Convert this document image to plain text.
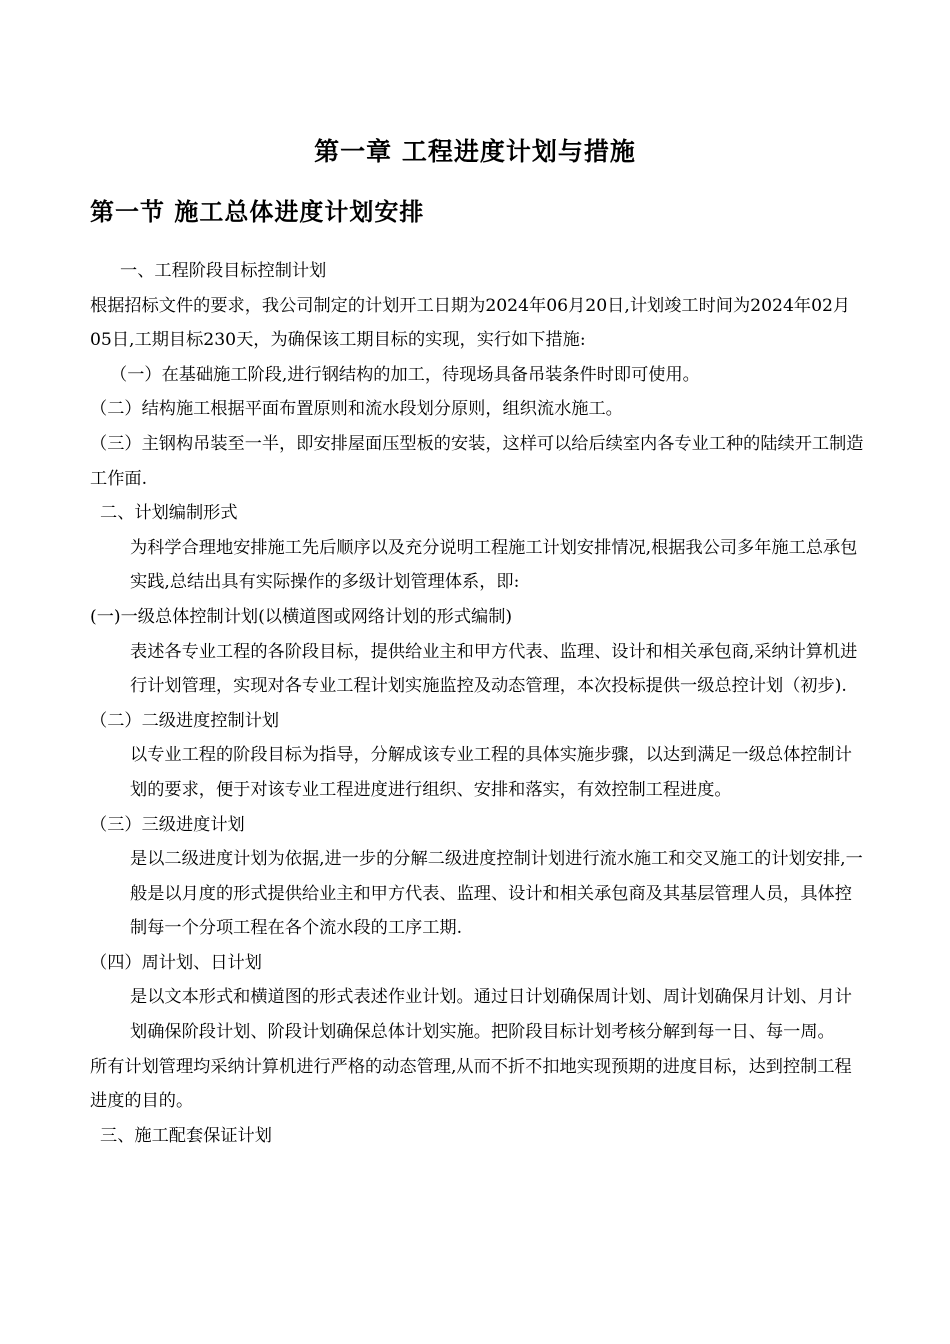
第一章 工程进度计划与措施
第一节 施工总体进度计划安排

一、工程阶段目标控制计划

根据招标文件的要求，我公司制定的计划开工日期为2024年06月20日,计划竣工时间为2024年02月05日,工期目标230天，为确保该工期目标的实现，实行如下措施:

（一）在基础施工阶段,进行钢结构的加工，待现场具备吊装条件时即可使用。

（二）结构施工根据平面布置原则和流水段划分原则，组织流水施工。

（三）主钢构吊装至一半，即安排屋面压型板的安装，这样可以给后续室内各专业工种的陆续开工制造工作面.

二、计划编制形式

为科学合理地安排施工先后顺序以及充分说明工程施工计划安排情况,根据我公司多年施工总承包实践,总结出具有实际操作的多级计划管理体系，即:

(一)一级总体控制计划(以横道图或网络计划的形式编制)

表述各专业工程的各阶段目标，提供给业主和甲方代表、监理、设计和相关承包商,采纳计算机进行计划管理，实现对各专业工程计划实施监控及动态管理，本次投标提供一级总控计划（初步).

（二）二级进度控制计划

以专业工程的阶段目标为指导，分解成该专业工程的具体实施步骤，以达到满足一级总体控制计划的要求，便于对该专业工程进度进行组织、安排和落实，有效控制工程进度。

（三）三级进度计划

是以二级进度计划为依据,进一步的分解二级进度控制计划进行流水施工和交叉施工的计划安排,一般是以月度的形式提供给业主和甲方代表、监理、设计和相关承包商及其基层管理人员，具体控制每一个分项工程在各个流水段的工序工期.

（四）周计划、日计划

是以文本形式和横道图的形式表述作业计划。通过日计划确保周计划、周计划确保月计划、月计划确保阶段计划、阶段计划确保总体计划实施。把阶段目标计划考核分解到每一日、每一周。

所有计划管理均采纳计算机进行严格的动态管理,从而不折不扣地实现预期的进度目标，达到控制工程进度的目的。

三、施工配套保证计划
